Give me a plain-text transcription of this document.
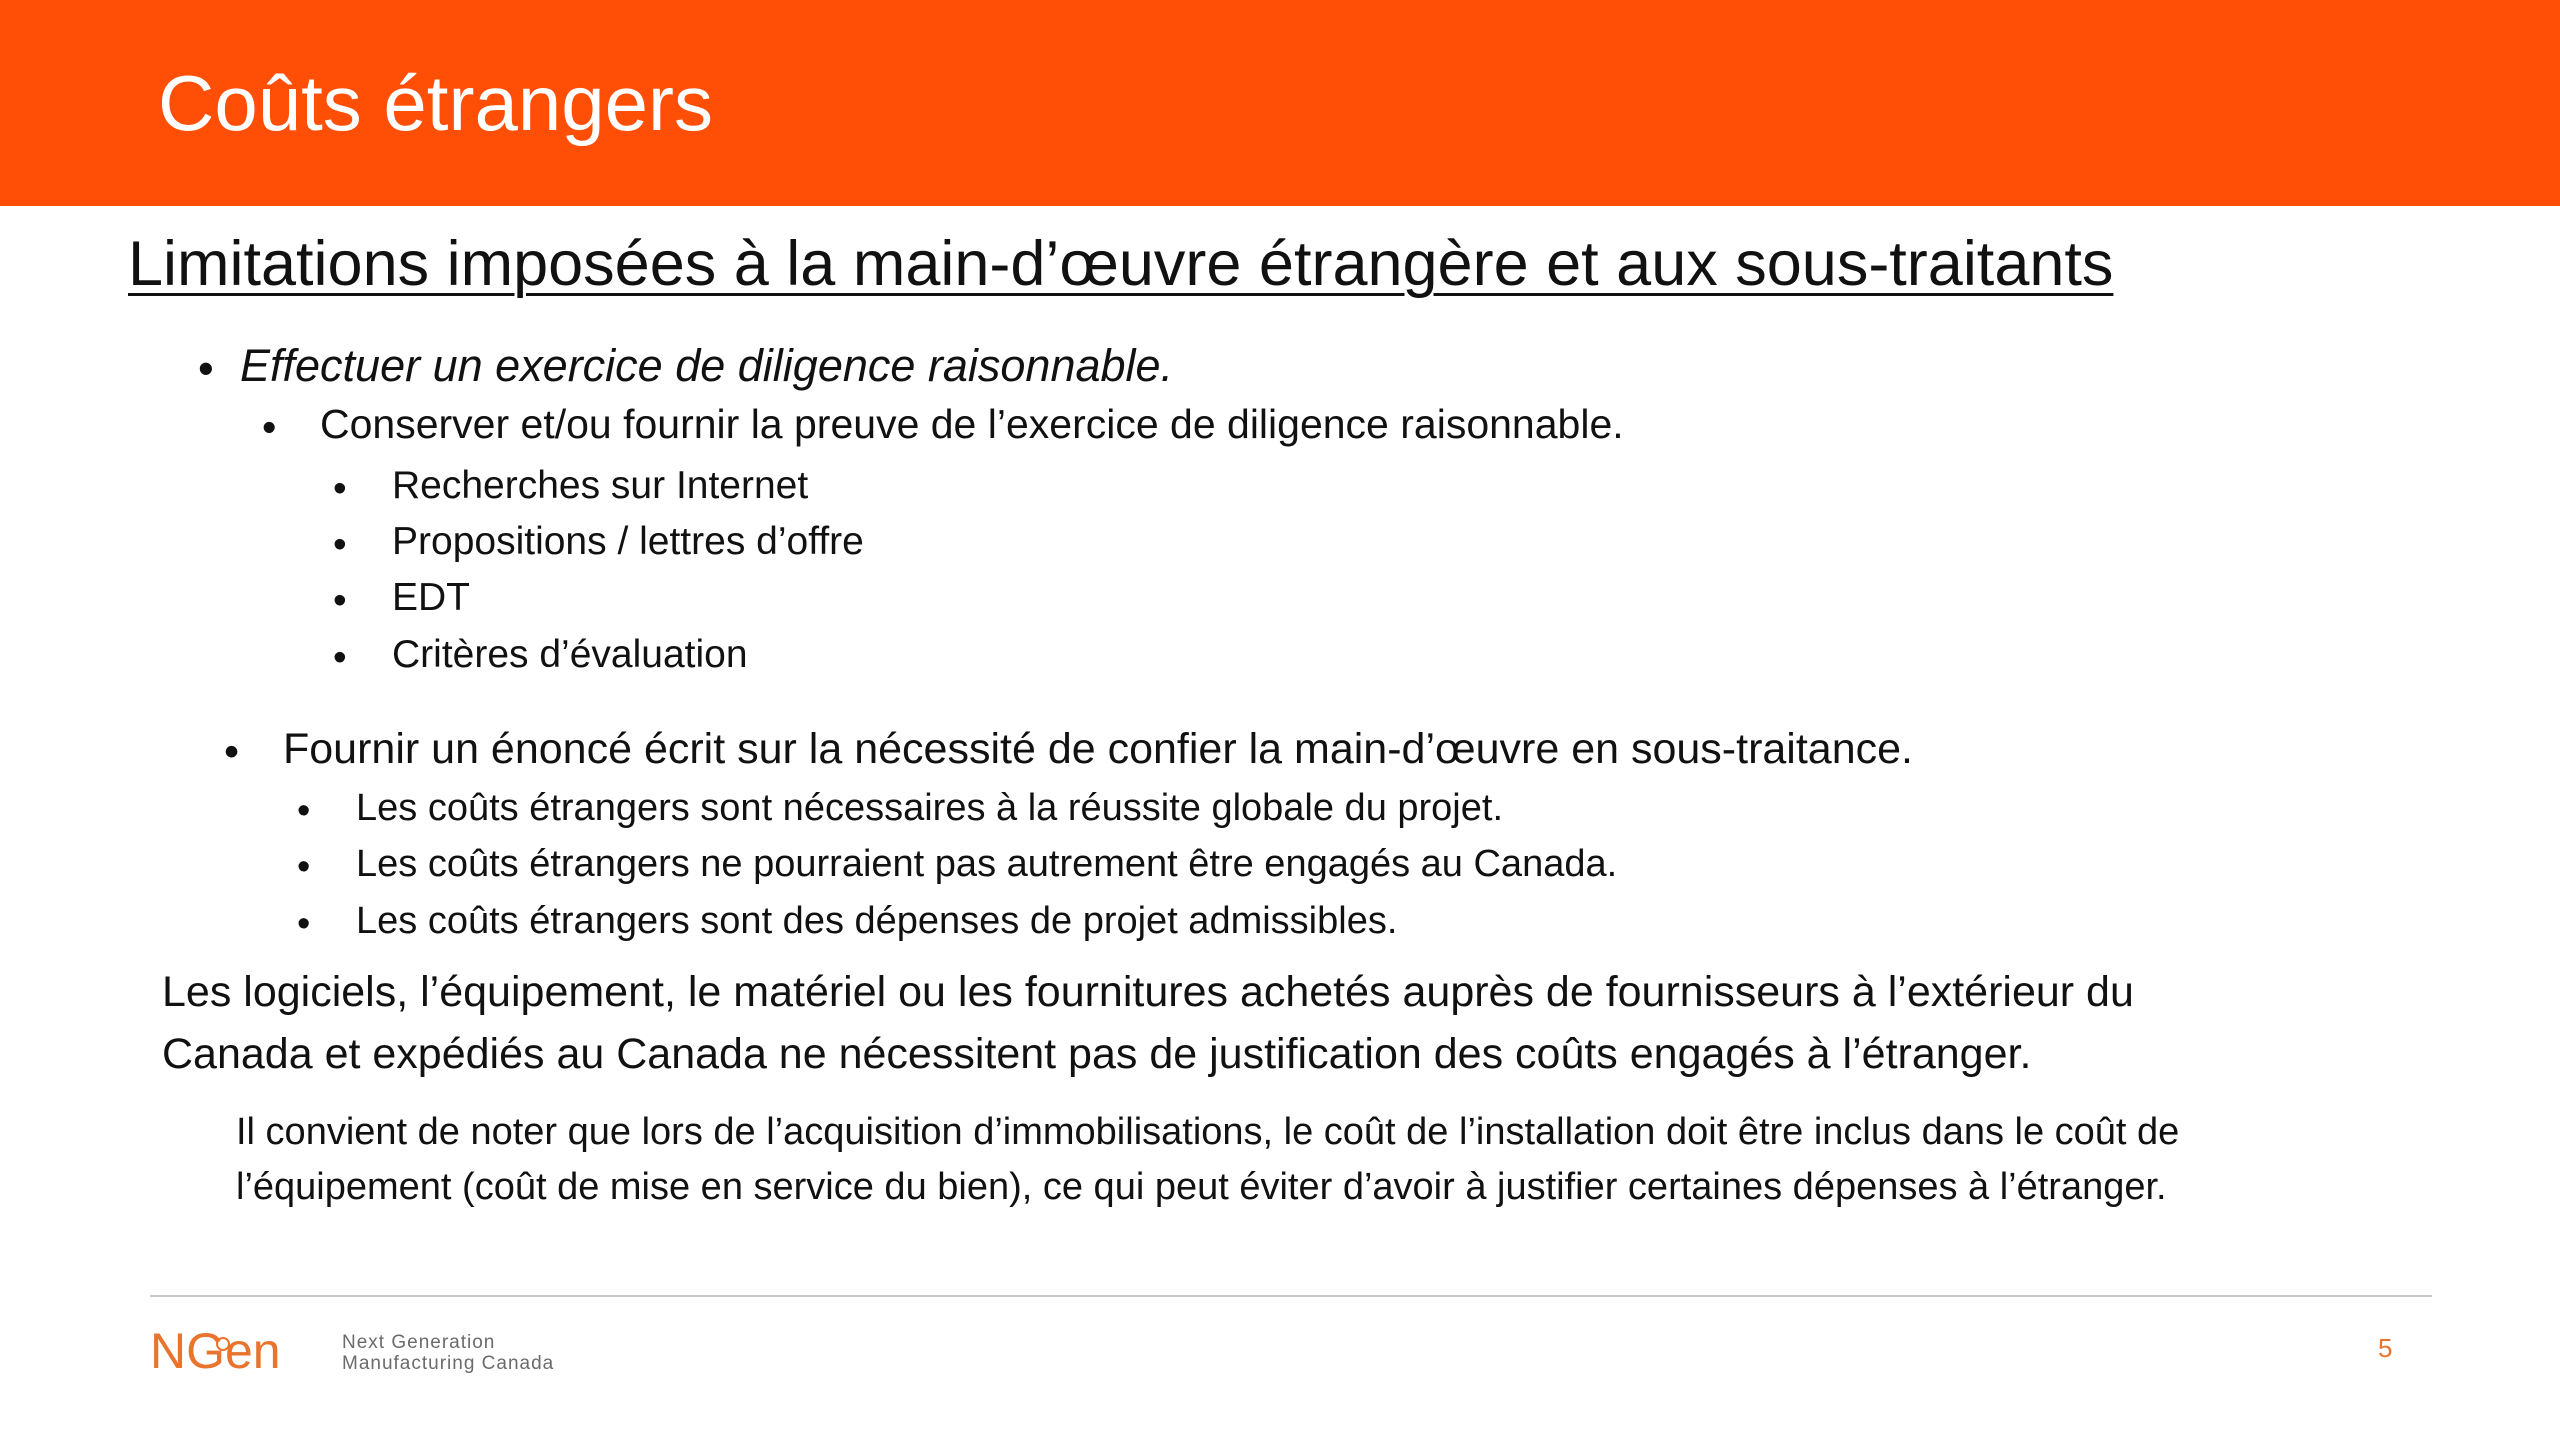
Coûts étrangers
Limitations imposées à la main-d’œuvre étrangère et aux sous-traitants
• Effectuer un exercice de diligence raisonnable.
• Conserver et/ou fournir la preuve de l’exercice de diligence raisonnable.
• Recherches sur Internet
• Propositions / lettres d’offre
• EDT
• Critères d’évaluation
• Fournir un énoncé écrit sur la nécessité de confier la main-d’œuvre en sous-traitance.
• Les coûts étrangers sont nécessaires à la réussite globale du projet.
• Les coûts étrangers ne pourraient pas autrement être engagés au Canada.
• Les coûts étrangers sont des dépenses de projet admissibles.
Les logiciels, l’équipement, le matériel ou les fournitures achetés auprès de fournisseurs à l’extérieur du
Canada et expédiés au Canada ne nécessitent pas de justification des coûts engagés à l’étranger.
Il convient de noter que lors de l’acquisition d’immobilisations, le coût de l’installation doit être inclus dans le coût de
l’équipement (coût de mise en service du bien), ce qui peut éviter d’avoir à justifier certaines dépenses à l’étranger.
NGen	Next Generation
Manufacturing Canada
5
